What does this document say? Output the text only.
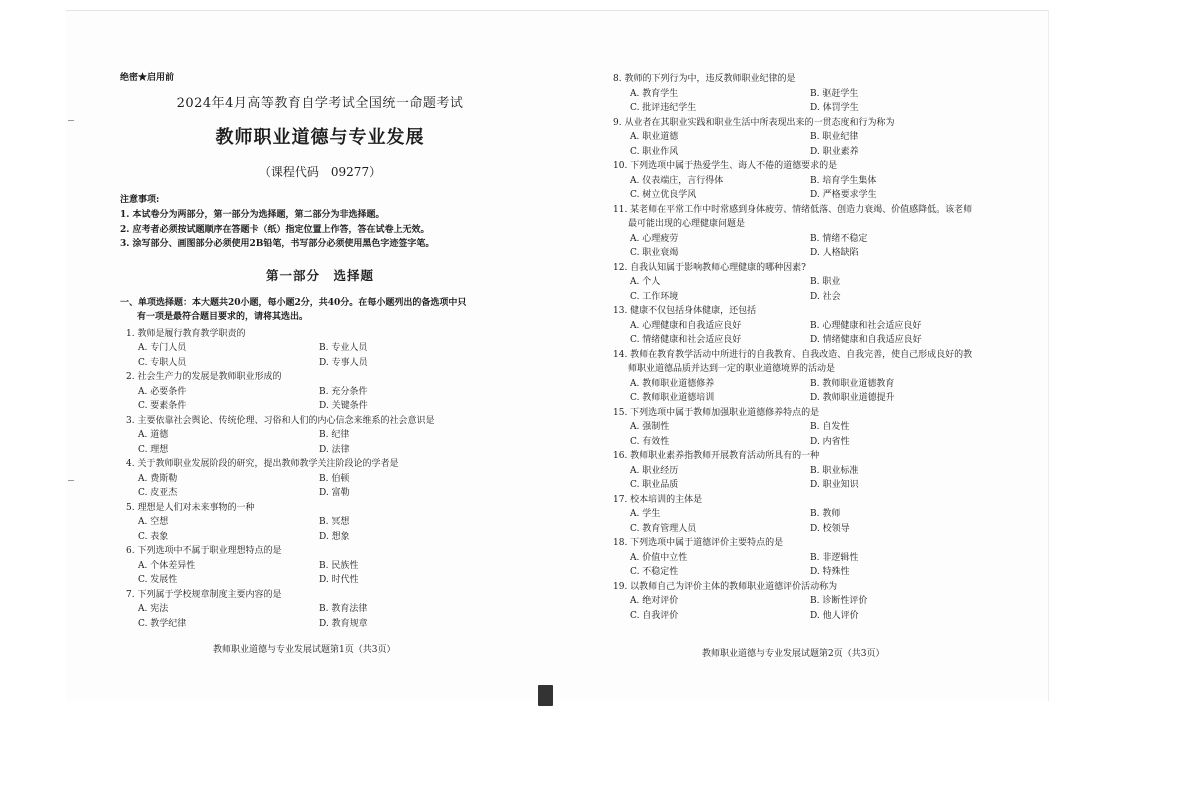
绝密★启用前
2024年4月高等教育自学考试全国统一命题考试
教师职业道德与专业发展
（课程代码　09277）
注意事项:
1. 本试卷分为两部分，第一部分为选择题，第二部分为非选择题。
2. 应考者必须按试题顺序在答题卡（纸）指定位置上作答，答在试卷上无效。
3. 涂写部分、画图部分必须使用2B铅笔，书写部分必须使用黑色字迹签字笔。
第一部分　选择题
一、单项选择题：本大题共20小题，每小题2分，共40分。在每小题列出的备选项中只
有一项是最符合题目要求的，请将其选出。
1. 教师是履行教育教学职责的
A. 专门人员	B. 专业人员
C. 专职人员	D. 专事人员
2. 社会生产力的发展是教师职业形成的
A. 必要条件	B. 充分条件
C. 要素条件	D. 关键条件
3. 主要依靠社会舆论、传统伦理、习俗和人们的内心信念来维系的社会意识是
A. 道德	B. 纪律
C. 理想	D. 法律
4. 关于教师职业发展阶段的研究，提出教师教学关注阶段论的学者是
A. 费斯勒	B. 伯顿
C. 皮亚杰	D. 富勒
5. 理想是人们对未来事物的一种
A. 空想	B. 冥想
C. 表象	D. 想象
6. 下列选项中不属于职业理想特点的是
A. 个体差异性	B. 民族性
C. 发展性	D. 时代性
7. 下列属于学校规章制度主要内容的是
A. 宪法	B. 教育法律
C. 教学纪律	D. 教育规章
8. 教师的下列行为中，违反教师职业纪律的是
A. 教育学生	B. 驱赶学生
C. 批评违纪学生	D. 体罚学生
9. 从业者在其职业实践和职业生活中所表现出来的一贯态度和行为称为
A. 职业道德	B. 职业纪律
C. 职业作风	D. 职业素养
10. 下列选项中属于热爱学生、诲人不倦的道德要求的是
A. 仪表端庄，言行得体	B. 培育学生集体
C. 树立优良学风	D. 严格要求学生
11. 某老师在平常工作中时常感到身体疲劳、情绪低落、创造力衰竭、价值感降低。该老师
最可能出现的心理健康问题是
A. 心理疲劳	B. 情绪不稳定
C. 职业衰竭	D. 人格缺陷
12. 自我认知属于影响教师心理健康的哪种因素?
A. 个人	B. 职业
C. 工作环境	D. 社会
13. 健康不仅包括身体健康，还包括
A. 心理健康和自我适应良好	B. 心理健康和社会适应良好
C. 情绪健康和社会适应良好	D. 情绪健康和自我适应良好
14. 教师在教育教学活动中所进行的自我教育、自我改造、自我完善，使自己形成良好的教
师职业道德品质并达到一定的职业道德境界的活动是
A. 教师职业道德修养	B. 教师职业道德教育
C. 教师职业道德培训	D. 教师职业道德提升
15. 下列选项中属于教师加强职业道德修养特点的是
A. 强制性	B. 自发性
C. 有效性	D. 内省性
16. 教师职业素养指教师开展教育活动所具有的一种
A. 职业经历	B. 职业标准
C. 职业品质	D. 职业知识
17. 校本培训的主体是
A. 学生	B. 教师
C. 教育管理人员	D. 校领导
18. 下列选项中属于道德评价主要特点的是
A. 价值中立性	B. 非逻辑性
C. 不稳定性	D. 特殊性
19. 以教师自己为评价主体的教师职业道德评价活动称为
A. 绝对评价	B. 诊断性评价
C. 自我评价	D. 他人评价
教师职业道德与专业发展试题第1页（共3页）	教师职业道德与专业发展试题第2页（共3页）
